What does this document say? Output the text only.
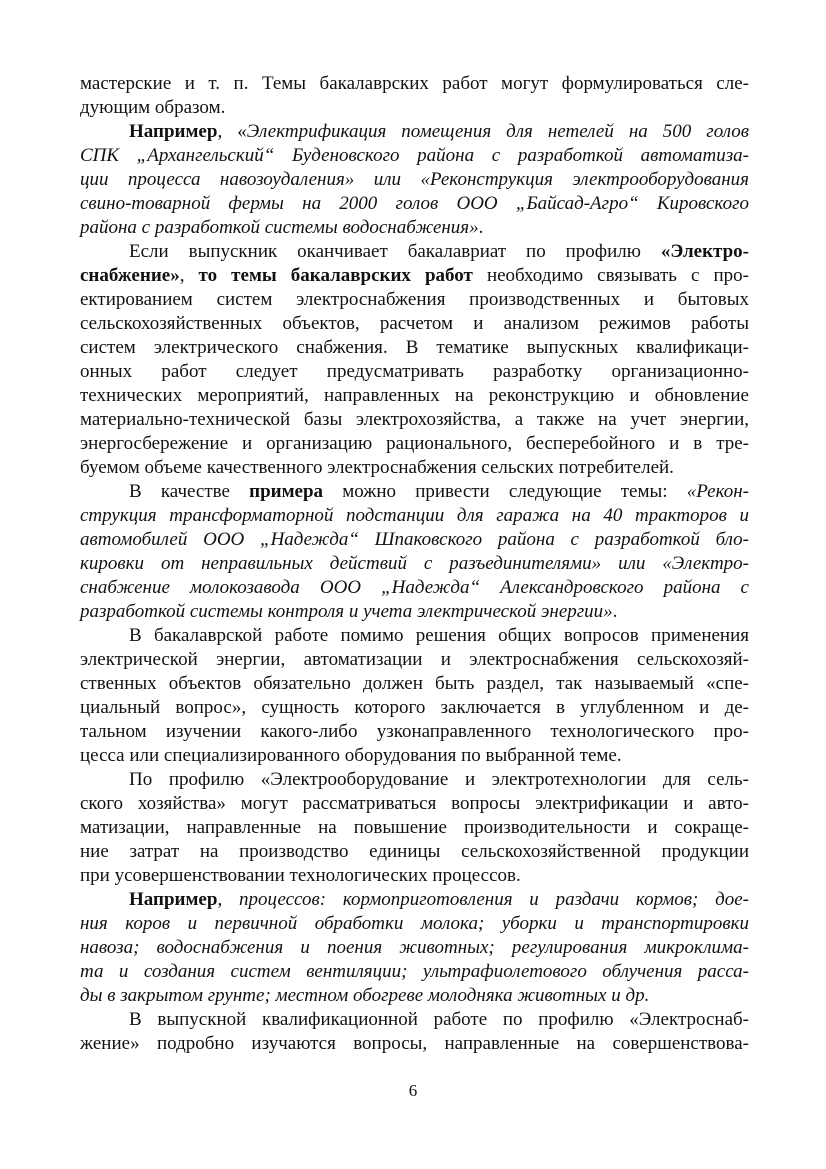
мастерские и т. п. Темы бакалаврских работ могут формулироваться сле-
дующим образом.
Например, «Электрификация помещения для нетелей на 500 голов
СПК „Архангельский“ Буденовского района с разработкой автоматиза-
ции процесса навозоудаления» или «Реконструкция электрооборудования
свино-товарной фермы на 2000 голов ООО „Байсад-Агро“ Кировского
района с разработкой системы водоснабжения».
Если выпускник оканчивает бакалавриат по профилю «Электро-
снабжение», то темы бакалаврских работ необходимо связывать с про-
ектированием систем электроснабжения производственных и бытовых
сельскохозяйственных объектов, расчетом и анализом режимов работы
систем электрического снабжения. В тематике выпускных квалификаци-
онных работ следует предусматривать разработку организационно-
технических мероприятий, направленных на реконструкцию и обновление
материально-технической базы электрохозяйства, а также на учет энергии,
энергосбережение и организацию рационального, бесперебойного и в тре-
буемом объеме качественного электроснабжения сельских потребителей.
В качестве примера можно привести следующие темы: «Рекон-
струкция трансформаторной подстанции для гаража на 40 тракторов и
автомобилей ООО „Надежда“ Шпаковского района с разработкой бло-
кировки от неправильных действий с разъединителями» или «Электро-
снабжение молокозавода ООО „Надежда“ Александровского района с
разработкой системы контроля и учета электрической энергии».
В бакалаврской работе помимо решения общих вопросов применения
электрической энергии, автоматизации и электроснабжения сельскохозяй-
ственных объектов обязательно должен быть раздел, так называемый «спе-
циальный вопрос», сущность которого заключается в углубленном и де-
тальном изучении какого-либо узконаправленного технологического про-
цесса или специализированного оборудования по выбранной теме.
По профилю «Электрооборудование и электротехнологии для сель-
ского хозяйства» могут рассматриваться вопросы электрификации и авто-
матизации, направленные на повышение производительности и сокраще-
ние затрат на производство единицы сельскохозяйственной продукции
при усовершенствовании технологических процессов.
Например, процессов: кормоприготовления и раздачи кормов; дое-
ния коров и первичной обработки молока; уборки и транспортировки
навоза; водоснабжения и поения животных; регулирования микроклима-
та и создания систем вентиляции; ультрафиолетового облучения расса-
ды в закрытом грунте; местном обогреве молодняка животных и др.
В выпускной квалификационной работе по профилю «Электроснаб-
жение» подробно изучаются вопросы, направленные на совершенствова-
6
